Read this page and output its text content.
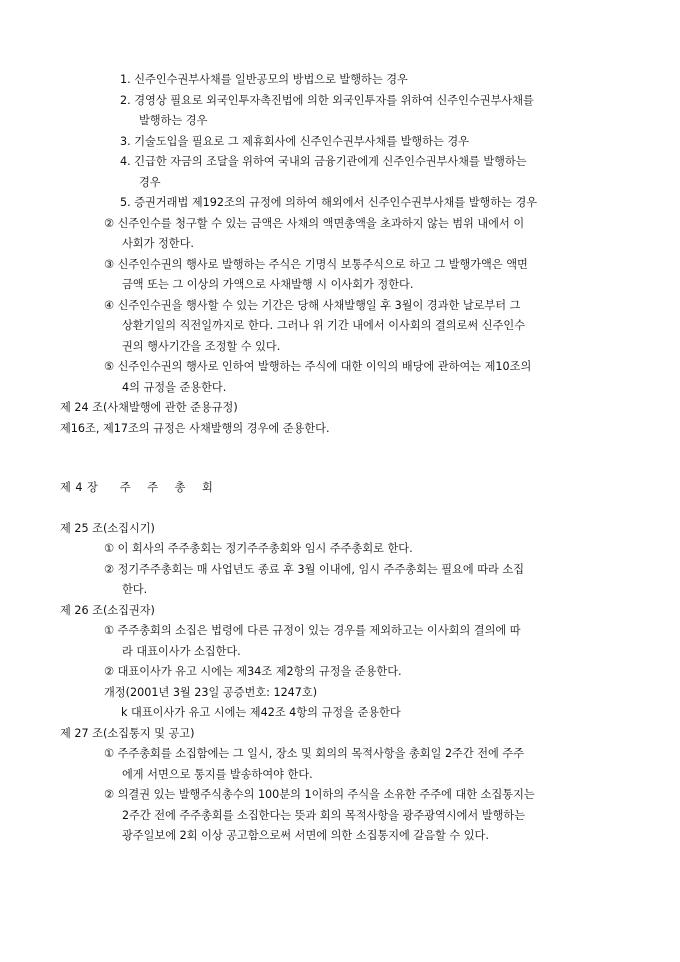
1. 신주인수권부사채를 일반공모의 방법으로 발행하는 경우
2. 경영상 필요로 외국인투자촉진법에 의한 외국인투자를 위하여 신주인수권부사채를
발행하는 경우
3. 기술도입을 필요로 그 제휴회사에 신주인수권부사채를 발행하는 경우
4. 긴급한 자금의 조달을 위하여 국내외 금융기관에게 신주인수권부사채를 발행하는
경우
5. 증권거래법 제192조의 규정에 의하여 해외에서 신주인수권부사채를 발행하는 경우
② 신주인수를 청구할 수 있는 금액은 사채의 액면총액을 초과하지 않는 범위 내에서 이
사회가 정한다.
③ 신주인수권의 행사로 발행하는 주식은 기명식 보통주식으로 하고 그 발행가액은 액면
금액 또는 그 이상의 가액으로 사채발행 시 이사회가 정한다.
④ 신주인수권을 행사할 수 있는 기간은 당해 사채발행일 후 3월이 경과한 날로부터 그
상환기일의 직전일까지로 한다. 그러나 위 기간 내에서 이사회의 결의로써 신주인수
권의 행사기간을 조정할 수 있다.
⑤ 신주인수권의 행사로 인하여 발행하는 주식에 대한 이익의 배당에 관하여는 제10조의
4의 규정을 준용한다.
제 24 조(사채발행에 관한 준용규정)
제16조, 제17조의 규정은 사채발행의 경우에 준용한다.
제 4 장 주 주 총 회
제 25 조(소집시기)
① 이 회사의 주주총회는 정기주주총회와 임시 주주총회로 한다.
② 정기주주총회는 매 사업년도 종료 후 3월 이내에, 임시 주주총회는 필요에 따라 소집
한다.
제 26 조(소집권자)
① 주주총회의 소집은 법령에 다른 규정이 있는 경우를 제외하고는 이사회의 결의에 따
라 대표이사가 소집한다.
② 대표이사가 유고 시에는 제34조 제2항의 규정을 준용한다.
개정(2001년 3월 23일 공증번호: 1247호)
k 대표이사가 유고 시에는 제42조 4항의 규정을 준용한다
제 27 조(소집통지 및 공고)
① 주주총회를 소집함에는 그 일시, 장소 및 회의의 목적사항을 총회일 2주간 전에 주주
에게 서면으로 통지를 발송하여야 한다.
② 의결권 있는 발행주식총수의 100분의 1이하의 주식을 소유한 주주에 대한 소집통지는
2주간 전에 주주총회를 소집한다는 뜻과 회의 목적사항을 광주광역시에서 발행하는
광주일보에 2회 이상 공고함으로써 서면에 의한 소집통지에 갈음할 수 있다.
